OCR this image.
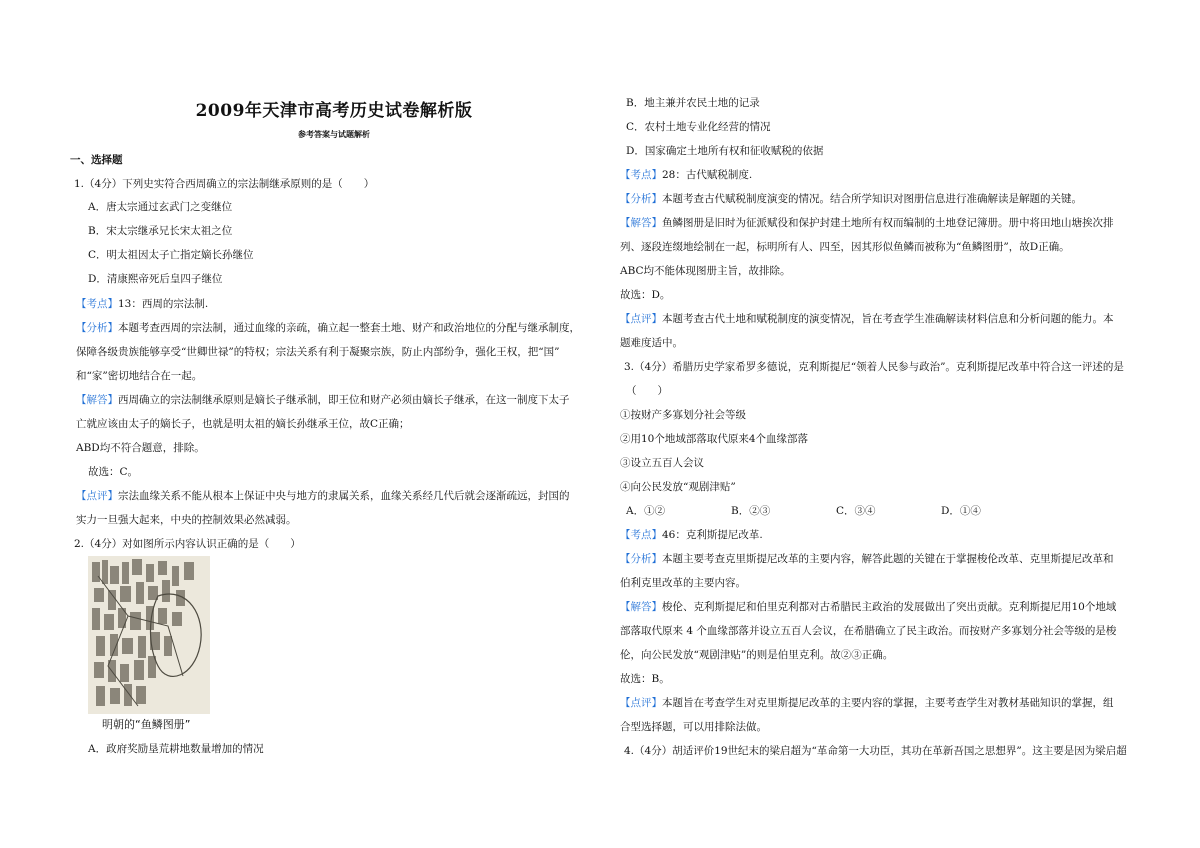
2009年天津市高考历史试卷解析版
参考答案与试题解析
一、选择题
1.（4分）下列史实符合西周确立的宗法制继承原则的是（　　）
A．唐太宗通过玄武门之变继位
B．宋太宗继承兄长宋太祖之位
C．明太祖因太子亡指定嫡长孙继位
D．清康熙帝死后皇四子继位
【考点】13：西周的宗法制.
【分析】本题考查西周的宗法制，通过血缘的亲疏，确立起一整套土地、财产和政治地位的分配与继承制度，
保障各级贵族能够享受“世卿世禄”的特权；宗法关系有利于凝聚宗族，防止内部纷争，强化王权，把“国”
和“家”密切地结合在一起。
【解答】西周确立的宗法制继承原则是嫡长子继承制，即王位和财产必须由嫡长子继承，在这一制度下太子
亡就应该由太子的嫡长子，也就是明太祖的嫡长孙继承王位，故C正确；
ABD均不符合题意，排除。
故选：C。
【点评】宗法血缘关系不能从根本上保证中央与地方的隶属关系，血缘关系经几代后就会逐渐疏远，封国的
实力一旦强大起来，中央的控制效果必然减弱。
2.（4分）对如图所示内容认识正确的是（　　）
明朝的“鱼鳞图册”
A．政府奖励垦荒耕地数量增加的情况
B．地主兼并农民土地的记录
C．农村土地专业化经营的情况
D．国家确定土地所有权和征收赋税的依据
【考点】28：古代赋税制度.
【分析】本题考查古代赋税制度演变的情况。结合所学知识对图册信息进行准确解读是解题的关键。
【解答】鱼鳞图册是旧时为征派赋役和保护封建土地所有权而编制的土地登记簿册。册中将田地山塘挨次排
列、逐段连缀地绘制在一起，标明所有人、四至，因其形似鱼鳞而被称为“鱼鳞图册”，故D正确。
ABC均不能体现图册主旨，故排除。
故选：D。
【点评】本题考查古代土地和赋税制度的演变情况，旨在考查学生准确解读材料信息和分析问题的能力。本
题难度适中。
3.（4分）希腊历史学家希罗多德说，克利斯提尼“领着人民参与政治”。克利斯提尼改革中符合这一评述的是
（　　）
①按财产多寡划分社会等级
②用10个地域部落取代原来4个血缘部落
③设立五百人会议
④向公民发放“观剧津贴”
A．①②	B．②③	C．③④	D．①④
【考点】46：克利斯提尼改革.
【分析】本题主要考查克里斯提尼改革的主要内容，解答此题的关键在于掌握梭伦改革、克里斯提尼改革和
伯利克里改革的主要内容。
【解答】梭伦、克利斯提尼和伯里克利都对古希腊民主政治的发展做出了突出贡献。克利斯提尼用10个地域
部落取代原来 4 个血缘部落并设立五百人会议，在希腊确立了民主政治。而按财产多寡划分社会等级的是梭
伦，向公民发放“观剧津贴”的则是伯里克利。故②③正确。
故选：B。
【点评】本题旨在考查学生对克里斯提尼改革的主要内容的掌握，主要考查学生对教材基础知识的掌握，组
合型选择题，可以用排除法做。
4.（4分）胡适评价19世纪末的梁启超为“革命第一大功臣，其功在革新吾国之思想界”。这主要是因为梁启超
